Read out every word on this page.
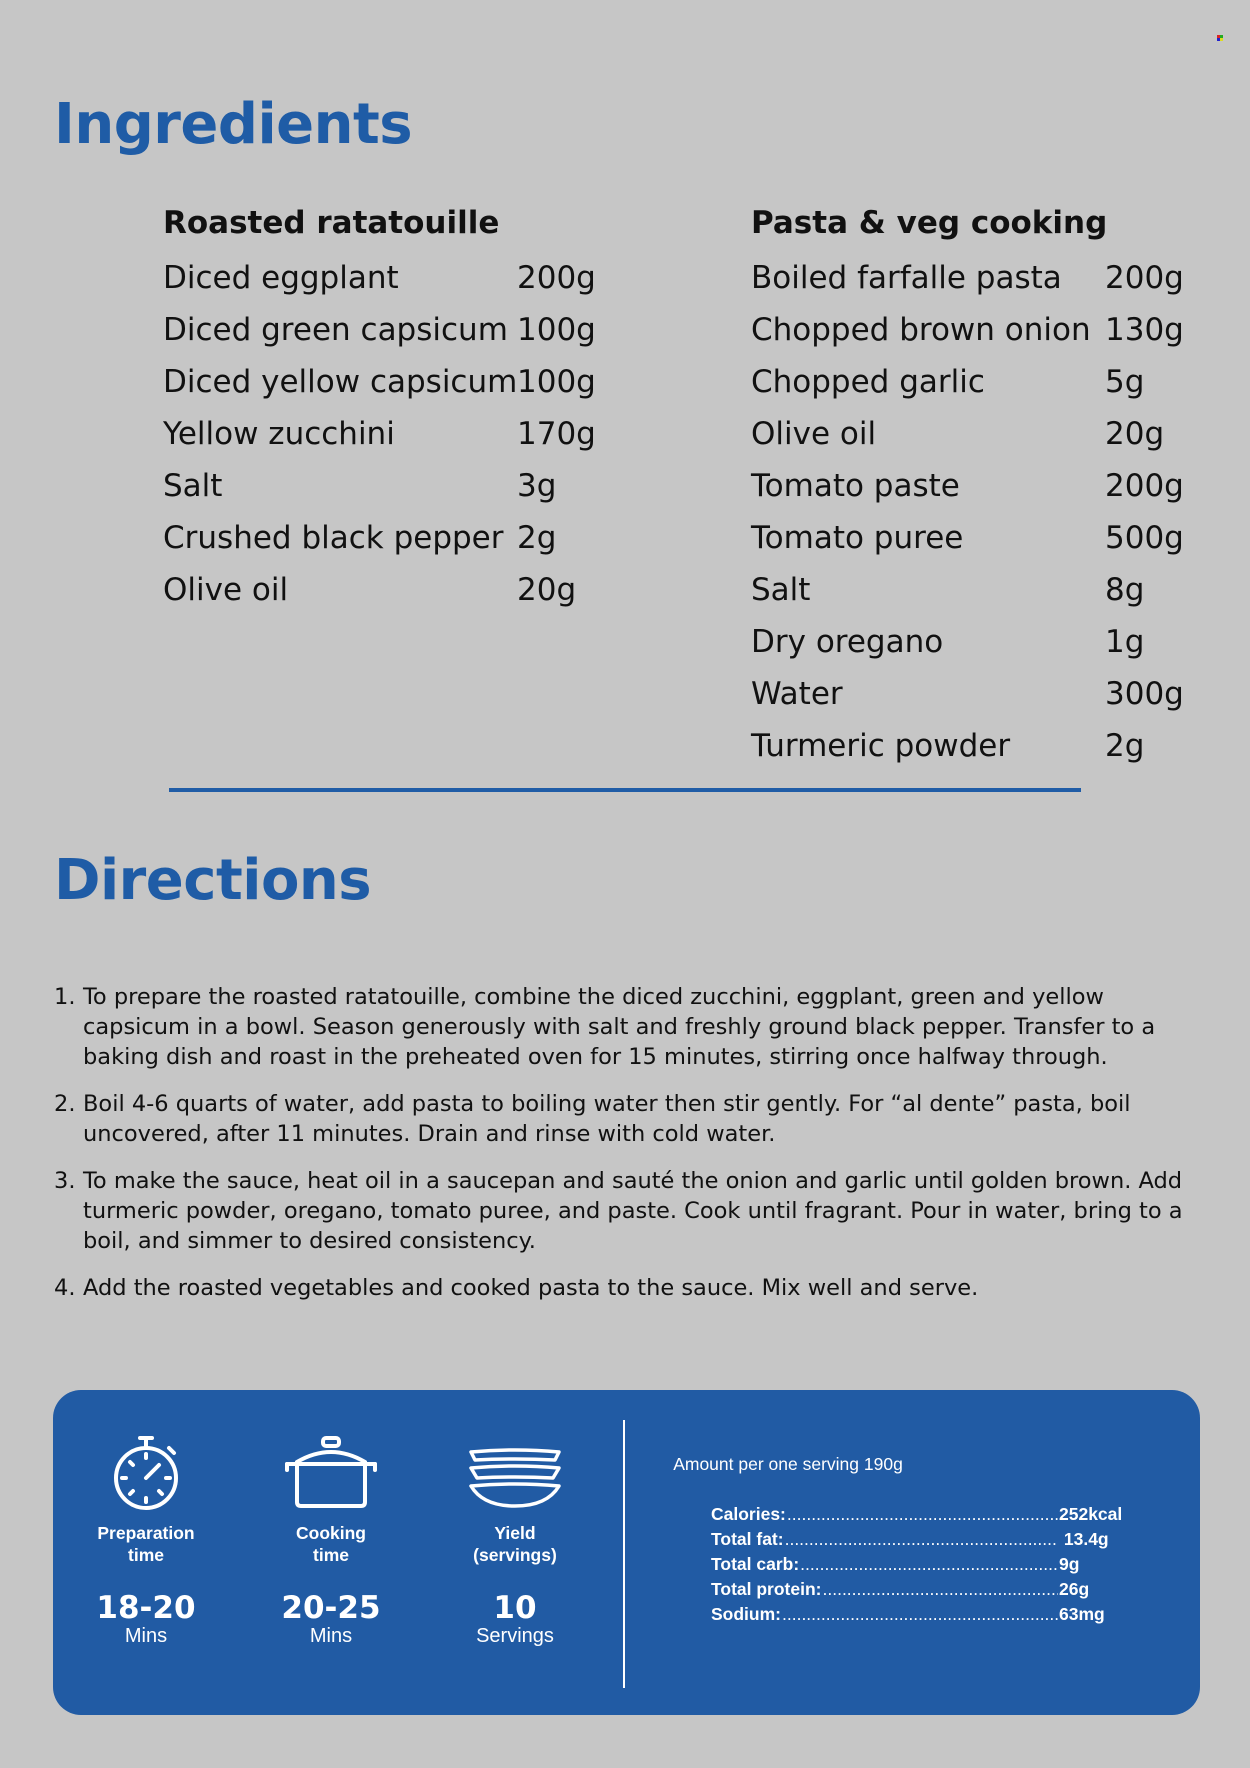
Ingredients
Roasted ratatouille
Diced eggplant	200g
Diced green capsicum 100g
Diced yellow capsicum 100g
Yellow zucchini	170g
Salt	3g
Crushed black pepper 2g
Olive oil	20g
Pasta & veg cooking
Boiled farfalle pasta 200g
Chopped brown onion 130g
Chopped garlic	5g
Olive oil	20g
Tomato paste	200g
Tomato puree	500g
Salt	8g
Dry oregano	1g
Water	300g
Turmeric powder	2g
Directions
1. To prepare the roasted ratatouille, combine the diced zucchini, eggplant, green and yellow capsicum in a bowl. Season generously with salt and freshly ground black pepper. Transfer to a baking dish and roast in the preheated oven for 15 minutes, stirring once halfway through.
2. Boil 4-6 quarts of water, add pasta to boiling water then stir gently. For “al dente” pasta, boil uncovered, after 11 minutes. Drain and rinse with cold water.
3. To make the sauce, heat oil in a saucepan and sauté the onion and garlic until golden brown. Add turmeric powder, oregano, tomato puree, and paste. Cook until fragrant. Pour in water, bring to a boil, and simmer to desired consistency.
4. Add the roasted vegetables and cooked pasta to the sauce. Mix well and serve.
Preparation
time
18-20
Mins
Cooking
time
20-25
Mins
Yield
(servings)
10
Servings
Amount per one serving 190g
Calories: .....	252kcal
Total fat: .....	13.4g
Total carb: .....	9g
Total protein: .....	26g
Sodium: .....	63mg
